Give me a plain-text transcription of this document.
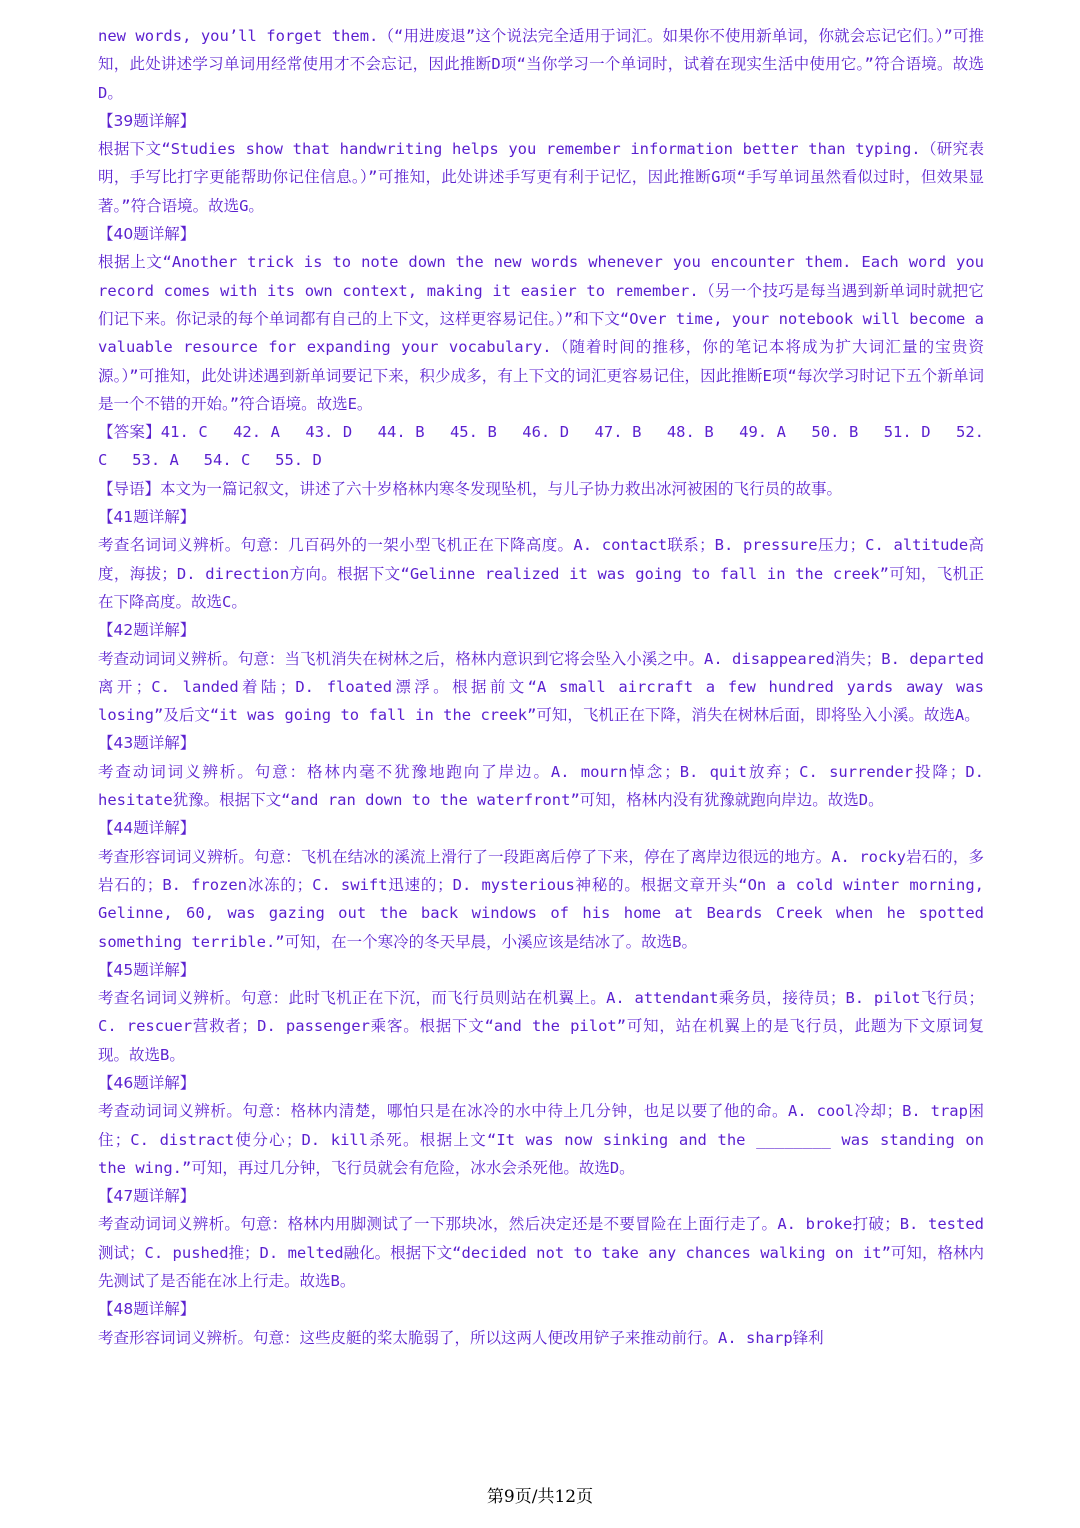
new words, you’ll forget them.（“用进废退”这个说法完全适用于词汇。如果你不使用新单词，你就会忘记它们。）”可推知，此处讲述学习单词用经常使用才不会忘记，因此推断D项“当你学习一个单词时，试着在现实生活中使用它。”符合语境。故选D。

【39题详解】

根据下文“Studies show that handwriting helps you remember information better than typing.（研究表明，手写比打字更能帮助你记住信息。）”可推知，此处讲述手写更有利于记忆，因此推断G项“手写单词虽然看似过时，但效果显著。”符合语境。故选G。

【40题详解】

根据上文“Another trick is to note down the new words whenever you encounter them. Each word you record comes with its own context, making it easier to remember.（另一个技巧是每当遇到新单词时就把它们记下来。你记录的每个单词都有自己的上下文，这样更容易记住。）”和下文“Over time, your notebook will become a valuable resource for expanding your vocabulary.（随着时间的推移，你的笔记本将成为扩大词汇量的宝贵资源。）”可推知，此处讲述遇到新单词要记下来，积少成多，有上下文的词汇更容易记住，因此推断E项“每次学习时记下五个新单词是一个不错的开始。”符合语境。故选E。

【答案】41. C　 42. A　 43. D　 44. B　 45. B　 46. D　 47. B　 48. B　 49. A　 50. B　 51. D　 52. C　 53. A　 54. C　 55. D

【导语】本文为一篇记叙文，讲述了六十岁格林内寒冬发现坠机，与儿子协力救出冰河被困的飞行员的故事。

【41题详解】

考查名词词义辨析。句意：几百码外的一架小型飞机正在下降高度。A. contact联系；B. pressure压力；C. altitude高度，海拔；D. direction方向。根据下文“Gelinne realized it was going to fall in the creek”可知，飞机正在下降高度。故选C。

【42题详解】

考查动词词义辨析。句意：当飞机消失在树林之后，格林内意识到它将会坠入小溪之中。A. disappeared消失；B. departed离开；C. landed着陆；D. floated漂浮。根据前文“A small aircraft a few hundred yards away was losing”及后文“it was going to fall in the creek”可知，飞机正在下降，消失在树林后面，即将坠入小溪。故选A。

【43题详解】

考查动词词义辨析。句意：格林内毫不犹豫地跑向了岸边。A. mourn悼念；B. quit放弃；C. surrender投降；D. hesitate犹豫。根据下文“and ran down to the waterfront”可知，格林内没有犹豫就跑向岸边。故选D。

【44题详解】

考查形容词词义辨析。句意：飞机在结冰的溪流上滑行了一段距离后停了下来，停在了离岸边很远的地方。A. rocky岩石的，多岩石的；B. frozen冰冻的；C. swift迅速的；D. mysterious神秘的。根据文章开头“On a cold winter morning, Gelinne, 60, was gazing out the back windows of his home at Beards Creek when he spotted something terrible.”可知，在一个寒冷的冬天早晨，小溪应该是结冰了。故选B。

【45题详解】

考查名词词义辨析。句意：此时飞机正在下沉，而飞行员则站在机翼上。A. attendant乘务员，接待员；B. pilot飞行员；C. rescuer营救者；D. passenger乘客。根据下文“and the pilot”可知，站在机翼上的是飞行员，此题为下文原词复现。故选B。

【46题详解】

考查动词词义辨析。句意：格林内清楚，哪怕只是在冰冷的水中待上几分钟，也足以要了他的命。A. cool冷却；B. trap困住；C. distract使分心；D. kill杀死。根据上文“It was now sinking and the ________ was standing on the wing.”可知，再过几分钟，飞行员就会有危险，冰水会杀死他。故选D。

【47题详解】

考查动词词义辨析。句意：格林内用脚测试了一下那块冰，然后决定还是不要冒险在上面行走了。A. broke打破；B. tested测试；C. pushed推；D. melted融化。根据下文“decided not to take any chances walking on it”可知，格林内先测试了是否能在冰上行走。故选B。

【48题详解】

考查形容词词义辨析。句意：这些皮艇的桨太脆弱了，所以这两人便改用铲子来推动前行。A. sharp锋利

第9页/共12页
